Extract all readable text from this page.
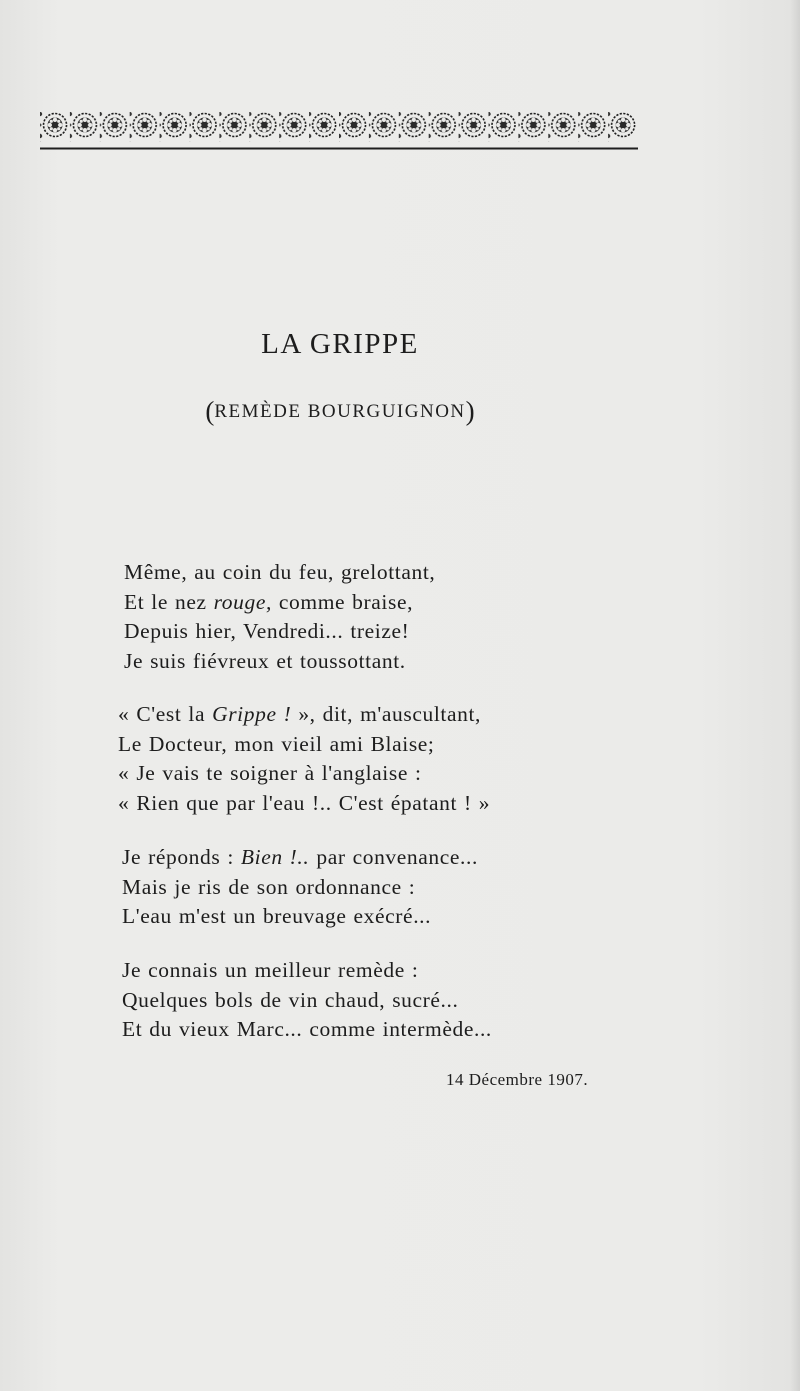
LA GRIPPE

(REMÈDE BOURGUIGNON)

Même, au coin du feu, grelottant,
Et le nez rouge, comme braise,
Depuis hier, Vendredi... treize!
Je suis fiévreux et toussottant.
« C'est la Grippe ! », dit, m'auscultant,
Le Docteur, mon vieil ami Blaise;
« Je vais te soigner à l'anglaise :
« Rien que par l'eau !.. C'est épatant ! »
Je réponds : Bien !.. par convenance...
Mais je ris de son ordonnance :
L'eau m'est un breuvage exécré...
Je connais un meilleur remède :
Quelques bols de vin chaud, sucré...
Et du vieux Marc... comme intermède...

14 Décembre 1907.
